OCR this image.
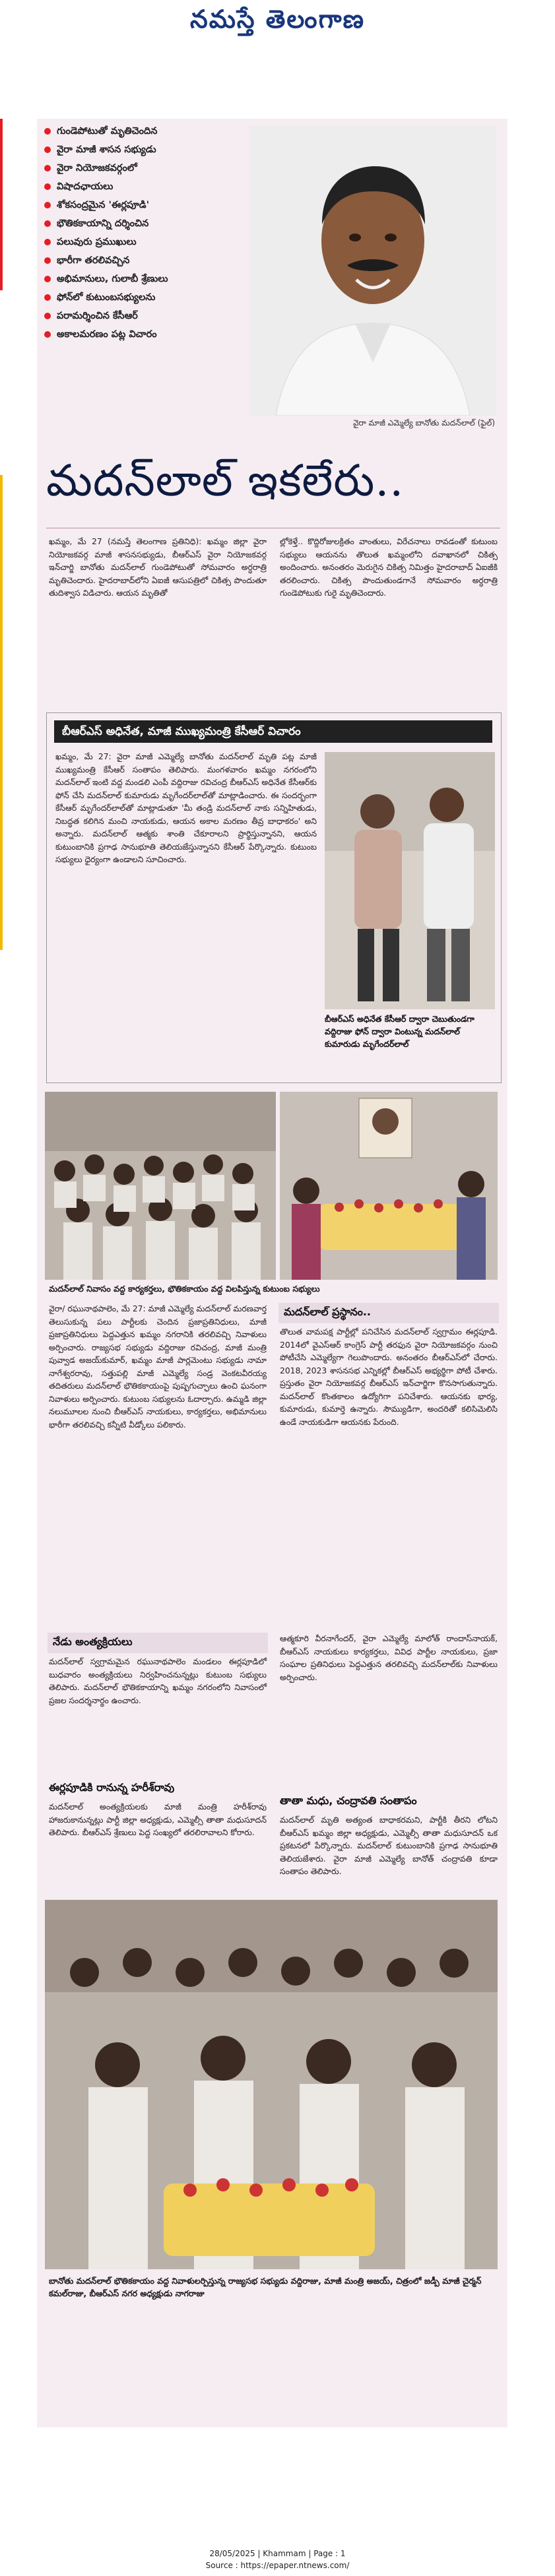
నమస్తే తెలంగాణ
గుండెపోటుతో మృతిచెందిన
వైరా మాజీ శాసన సభ్యుడు
వైరా నియోజకవర్గంలో
విషాదఛాయలు
శోకసంద్రమైన 'ఈర్లపూడి'
భౌతికకాయాన్ని దర్శించిన
పలువురు ప్రముఖులు
భారీగా తరలివచ్చిన
అభిమానులు, గులాబీ శ్రేణులు
ఫోన్‌లో కుటుంబసభ్యులను
పరామర్శించిన కేసీఆర్
అకాలమరణం పట్ల విచారం
వైరా మాజీ ఎమ్మెల్యే బానోతు మదన్‌లాల్ (ఫైల్)
మదన్‌లాల్ ఇకలేరు..

ఖమ్మం, మే 27 (నమస్తే తెలంగాణ ప్రతినిధి): ఖమ్మం జిల్లా వైరా నియోజకవర్గ మాజీ శాసనసభ్యుడు, బీఆర్ఎస్ వైరా నియోజకవర్గ ఇన్‌చార్జి బానోతు మదన్‌లాల్ గుండెపోటుతో సోమవారం అర్ధరాత్రి మృతిచెందారు. హైదరాబాద్‌లోని ఏఐజీ ఆసుపత్రిలో చికిత్స పొందుతూ తుదిశ్వాస విడిచారు. ఆయన మృతితో

ల్లోకెళ్తే.. కొద్దిరోజులక్రితం వాంతులు, విరేచనాలు రావడంతో కుటుంబ సభ్యులు ఆయనను తొలుత ఖమ్మంలోని దవాఖానలో చికిత్స అందించారు. అనంతరం మెరుగైన చికిత్స నిమిత్తం హైదరాబాద్ ఏఐజీకి తరలించారు. చికిత్స పొందుతుండగానే సోమవారం అర్ధరాత్రి గుండెపోటుకు గురై మృతిచెందారు.

బీఆర్ఎస్ అధినేత, మాజీ ముఖ్యమంత్రి కేసీఆర్ విచారం

ఖమ్మం, మే 27: వైరా మాజీ ఎమ్మెల్యే బానోతు మదన్‌లాల్ మృతి పట్ల మాజీ ముఖ్యమంత్రి కేసీఆర్ సంతాపం తెలిపారు. మంగళవారం ఖమ్మం నగరంలోని మదన్‌లాల్ ఇంటి వద్ద మండలి ఎంపీ వద్దిరాజు రవిచంద్ర బీఆర్ఎస్ అధినేత కేసీఆర్‌కు ఫోన్ చేసి మదన్‌లాల్ కుమారుడు మృగేందర్‌లాల్‌తో మాట్లాడించారు. ఈ సందర్భంగా కేసీఆర్ మృగేందర్‌లాల్‌తో మాట్లాడుతూ 'మీ తండ్రి మదన్‌లాల్ నాకు సన్నిహితుడు, నిబద్ధత కలిగిన మంచి నాయకుడు, ఆయన అకాల మరణం తీవ్ర బాధాకరం' అని అన్నారు. మదన్‌లాల్ ఆత్మకు శాంతి చేకూరాలని ప్రార్థిస్తున్నానని, ఆయన కుటుంబానికి ప్రగాఢ సానుభూతి తెలియజేస్తున్నానని కేసీఆర్ పేర్కొన్నారు. కుటుంబ సభ్యులు ధైర్యంగా ఉండాలని సూచించారు.

బీఆర్ఎస్ అధినేత కేసీఆర్ ద్వారా చెబుతుండగా వద్దిరాజు ఫోన్ ద్వారా వింటున్న మదన్‌లాల్ కుమారుడు మృగేందర్‌లాల్
మదన్‌లాల్ నివాసం వద్ద కార్యకర్తలు, భౌతికకాయం వద్ద విలపిస్తున్న కుటుంబ సభ్యులు

వైరా/ రఘునాథపాలెం, మే 27: మాజీ ఎమ్మెల్యే మదన్‌లాల్ మరణవార్త తెలుసుకున్న పలు పార్టీలకు చెందిన ప్రజాప్రతినిధులు, మాజీ ప్రజాప్రతినిధులు పెద్దఎత్తున ఖమ్మం నగరానికి తరలివచ్చి నివాళులు అర్పించారు. రాజ్యసభ సభ్యుడు వద్దిరాజు రవిచంద్ర, మాజీ మంత్రి పువ్వాడ అజయ్‌కుమార్, ఖమ్మం మాజీ పార్లమెంటు సభ్యుడు నామా నాగేశ్వరరావు, సత్తుపల్లి మాజీ ఎమ్మెల్యే సండ్ర వెంకటవీరయ్య తదితరులు మదన్‌లాల్ భౌతికకాయంపై పుష్పగుచ్ఛాలు ఉంచి ఘనంగా నివాళులు అర్పించారు. కుటుంబ సభ్యులను ఓదార్చారు. ఉమ్మడి జిల్లా నలుమూలల నుంచి బీఆర్ఎస్ నాయకులు, కార్యకర్తలు, అభిమానులు భారీగా తరలివచ్చి కన్నీటి వీడ్కోలు పలికారు.

మదన్‌లాల్ ప్రస్థానం..

తొలుత వామపక్ష పార్టీల్లో పనిచేసిన మదన్‌లాల్ స్వగ్రామం ఈర్లపూడి. 2014లో వైఎస్ఆర్ కాంగ్రెస్ పార్టీ తరఫున వైరా నియోజకవర్గం నుంచి పోటీచేసి ఎమ్మెల్యేగా గెలుపొందారు. అనంతరం బీఆర్ఎస్‌లో చేరారు. 2018, 2023 శాసనసభ ఎన్నికల్లో బీఆర్ఎస్ అభ్యర్థిగా పోటీ చేశారు. ప్రస్తుతం వైరా నియోజకవర్గ బీఆర్ఎస్ ఇన్‌చార్జిగా కొనసాగుతున్నారు. మదన్‌లాల్ కొంతకాలం ఉద్యోగిగా పనిచేశారు. ఆయనకు భార్య, కుమారుడు, కుమార్తె ఉన్నారు. సౌమ్యుడిగా, అందరితో కలిసిమెలిసి ఉండే నాయకుడిగా ఆయనకు పేరుంది.

నేడు అంత్యక్రియలు

మదన్‌లాల్ స్వగ్రామమైన రఘునాథపాలెం మండలం ఈర్లపూడిలో బుధవారం అంత్యక్రియలు నిర్వహించనున్నట్లు కుటుంబ సభ్యులు తెలిపారు. మదన్‌లాల్ భౌతికకాయాన్ని ఖమ్మం నగరంలోని నివాసంలో ప్రజల సందర్శనార్థం ఉంచారు.

ఈర్లపూడికి రానున్న హరీశ్‌రావు

మదన్‌లాల్ అంత్యక్రియలకు మాజీ మంత్రి హరీశ్‌రావు హాజరుకానున్నట్లు పార్టీ జిల్లా అధ్యక్షుడు, ఎమ్మెల్సీ తాతా మధుసూదన్ తెలిపారు. బీఆర్ఎస్ శ్రేణులు పెద్ద సంఖ్యలో తరలిరావాలని కోరారు.

ఆత్మకూరి వీరనాగేందర్, వైరా ఎమ్మెల్యే మాలోత్ రాందాస్‌నాయక్, బీఆర్ఎస్ నాయకులు కార్యకర్తలు, వివిధ పార్టీల నాయకులు, ప్రజా సంఘాల ప్రతినిధులు పెద్దఎత్తున తరలివచ్చి మదన్‌లాల్‌కు నివాళులు అర్పించారు.

తాతా మధు, చంద్రావతి సంతాపం

మదన్‌లాల్ మృతి అత్యంత బాధాకరమని, పార్టీకి తీరని లోటని బీఆర్ఎస్ ఖమ్మం జిల్లా అధ్యక్షుడు, ఎమ్మెల్సీ తాతా మధుసూదన్ ఒక ప్రకటనలో పేర్కొన్నారు. మదన్‌లాల్ కుటుంబానికి ప్రగాఢ సానుభూతి తెలియజేశారు. వైరా మాజీ ఎమ్మెల్యే బానోత్ చంద్రావతి కూడా సంతాపం తెలిపారు.

బానోతు మదన్‌లాల్ భౌతికకాయం వద్ద నివాళులర్పిస్తున్న రాజ్యసభ సభ్యుడు వద్దిరాజు, మాజీ మంత్రి అజయ్, చిత్రంలో జడ్పీ మాజీ చైర్మన్ కమల్‌రాజు, బీఆర్ఎస్ నగర అధ్యక్షుడు నాగరాజు
28/05/2025 | Khammam | Page : 1
Source : https://epaper.ntnews.com/
